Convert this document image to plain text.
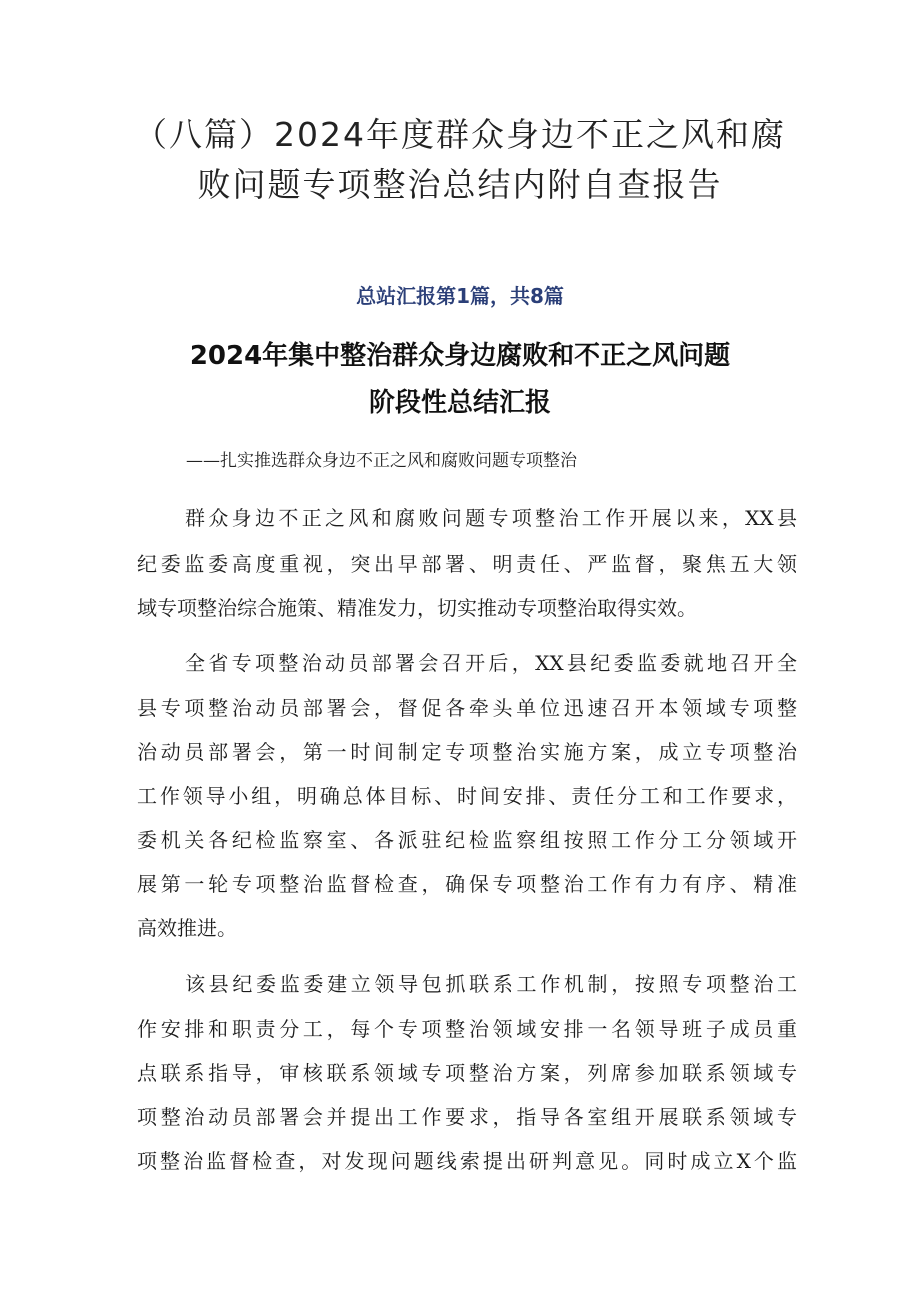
（八篇）2024年度群众身边不正之风和腐
败问题专项整治总结内附自查报告
总站汇报第1篇，共8篇
2024年集中整治群众身边腐败和不正之风问题
阶段性总结汇报

——扎实推选群众身边不正之风和腐败问题专项整治

群众身边不正之风和腐败问题专项整治工作开展以来，XX县

纪委监委高度重视，突出早部署、明责任、严监督，聚焦五大领

域专项整治综合施策、精准发力，切实推动专项整治取得实效。

全省专项整治动员部署会召开后，XX县纪委监委就地召开全

县专项整治动员部署会，督促各牵头单位迅速召开本领域专项整

治动员部署会，第一时间制定专项整治实施方案，成立专项整治

工作领导小组，明确总体目标、时间安排、责任分工和工作要求，

委机关各纪检监察室、各派驻纪检监察组按照工作分工分领域开

展第一轮专项整治监督检查，确保专项整治工作有力有序、精准

高效推进。

该县纪委监委建立领导包抓联系工作机制，按照专项整治工

作安排和职责分工，每个专项整治领域安排一名领导班子成员重

点联系指导，审核联系领域专项整治方案，列席参加联系领域专

项整治动员部署会并提出工作要求，指导各室组开展联系领域专

项整治监督检查，对发现问题线索提出研判意见。同时成立X个监
